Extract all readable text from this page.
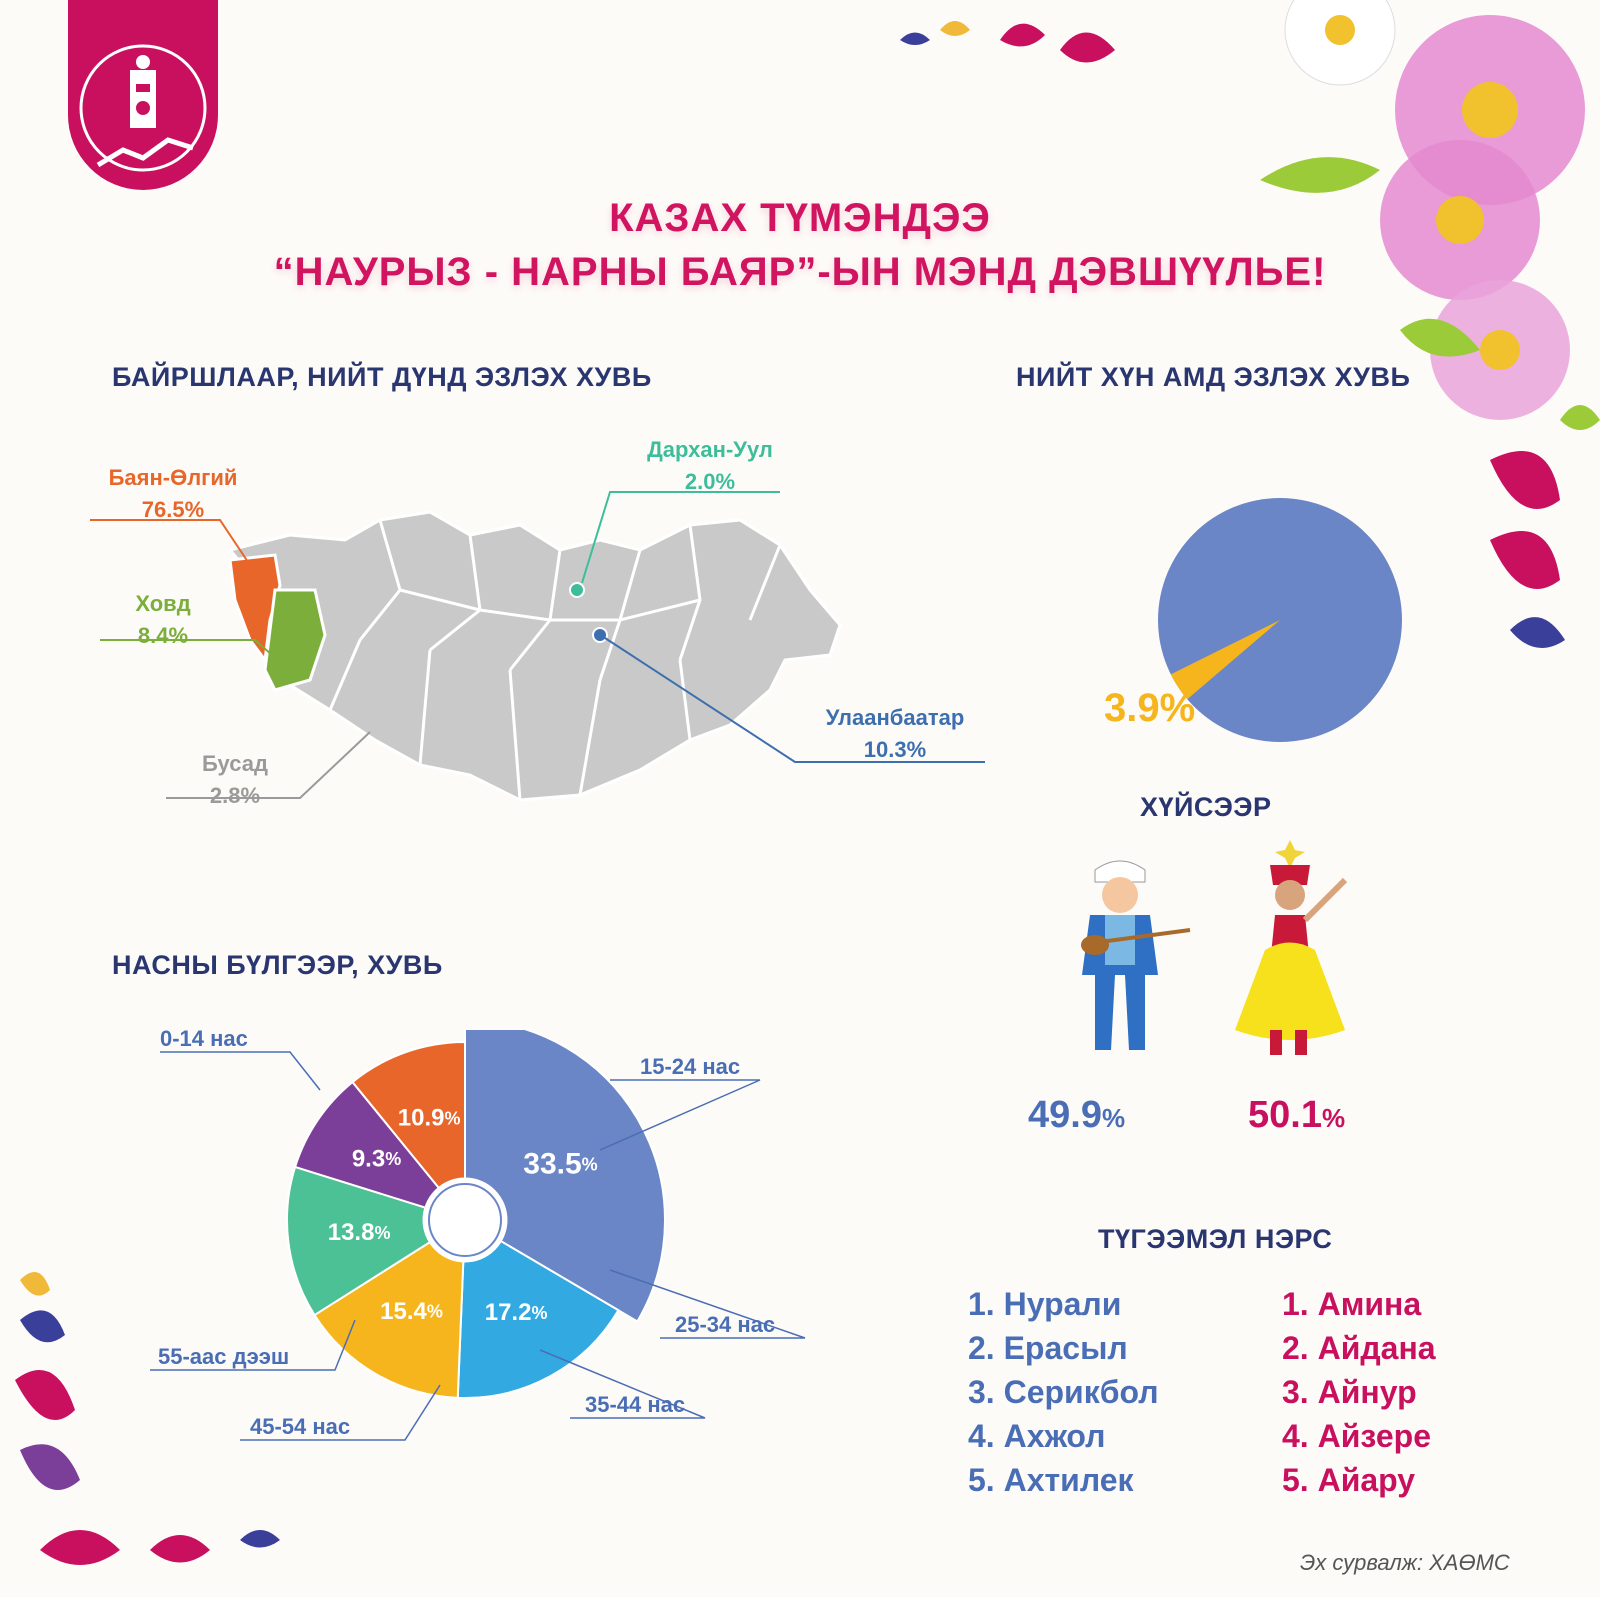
КАЗАХ ТҮМЭНДЭЭ
“НАУРЫЗ - НАРНЫ БАЯР”-ЫН МЭНД ДЭВШҮҮЛЬЕ!
БАЙРШЛААР, НИЙТ ДҮНД ЭЗЛЭХ ХУВЬ
Баян-Өлгий
76.5%
Ховд
8.4%
Дархан-Уул
2.0%
Улаанбаатар
10.3%
Бусад
2.8%
НИЙТ ХҮН АМД ЭЗЛЭХ ХУВЬ
3.9%
ХҮЙСЭЭР
49.9%	50.1%
ТҮГЭЭМЭЛ НЭРС
1. Нурали
2. Ерасыл
3. Серикбол
4. Ахжол
5. Ахтилек
1. Амина
2. Айдана
3. Айнур
4. Айзере
5. Айару
НАСНЫ БҮЛГЭЭР, ХУВЬ
33.5%
17.2%
15.4%
13.8%
9.3%
10.9%
0-14 нас
15-24 нас
25-34 нас
35-44 нас
45-54 нас
55-аас дээш
Эх сурвалж: ХАӨМС
